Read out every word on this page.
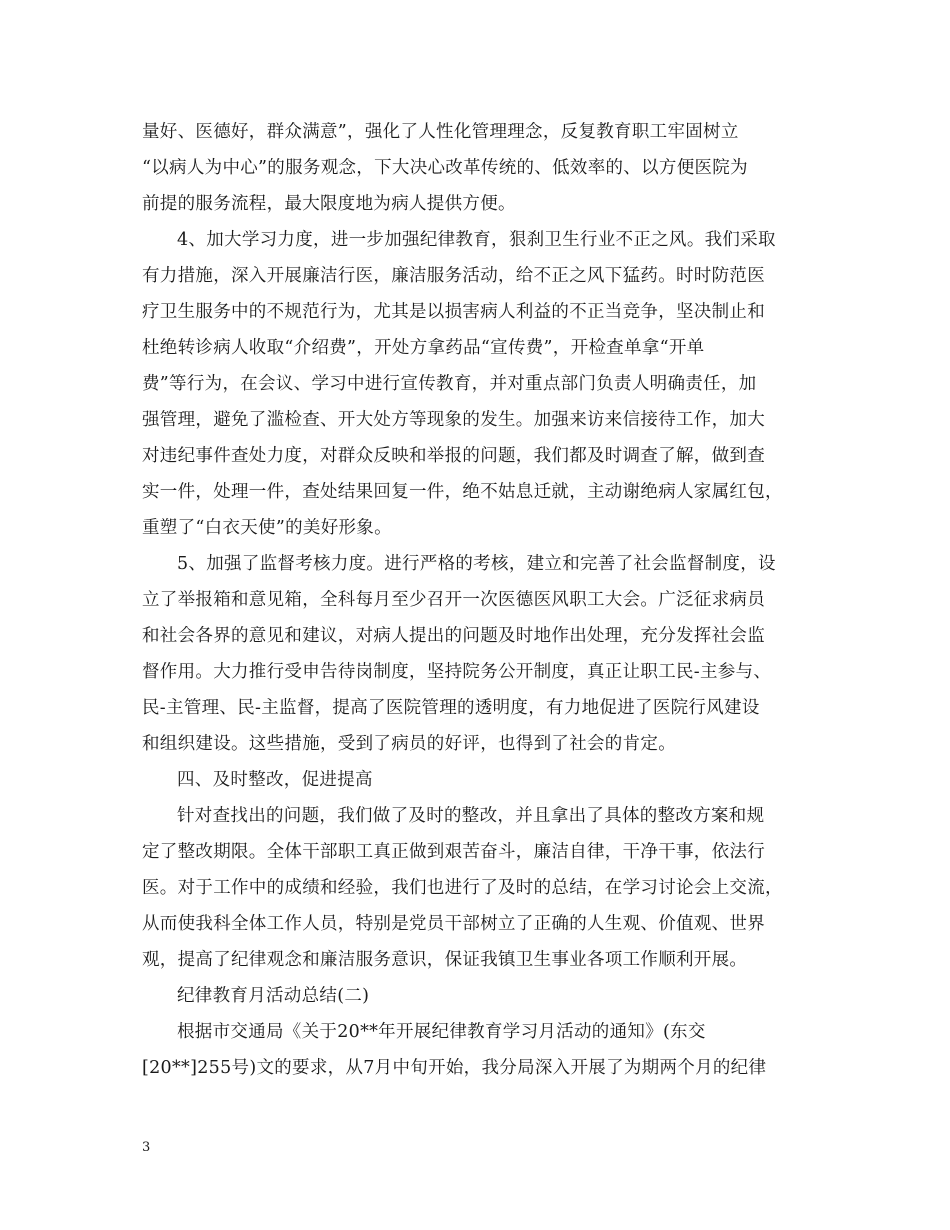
量好、医德好，群众满意”，强化了人性化管理理念，反复教育职工牢固树立
“以病人为中心”的服务观念，下大决心改革传统的、低效率的、以方便医院为
前提的服务流程，最大限度地为病人提供方便。
4、加大学习力度，进一步加强纪律教育，狠刹卫生行业不正之风。我们采取
有力措施，深入开展廉洁行医，廉洁服务活动，给不正之风下猛药。时时防范医
疗卫生服务中的不规范行为，尤其是以损害病人利益的不正当竞争，坚决制止和
杜绝转诊病人收取“介绍费”，开处方拿药品“宣传费”，开检查单拿“开单
费”等行为，在会议、学习中进行宣传教育，并对重点部门负责人明确责任，加
强管理，避免了滥检查、开大处方等现象的发生。加强来访来信接待工作，加大
对违纪事件查处力度，对群众反映和举报的问题，我们都及时调查了解，做到查
实一件，处理一件，查处结果回复一件，绝不姑息迁就，主动谢绝病人家属红包，
重塑了“白衣天使”的美好形象。
5、加强了监督考核力度。进行严格的考核，建立和完善了社会监督制度，设
立了举报箱和意见箱，全科每月至少召开一次医德医风职工大会。广泛征求病员
和社会各界的意见和建议，对病人提出的问题及时地作出处理，充分发挥社会监
督作用。大力推行受申告待岗制度，坚持院务公开制度，真正让职工民-主参与、
民-主管理、民-主监督，提高了医院管理的透明度，有力地促进了医院行风建设
和组织建设。这些措施，受到了病员的好评，也得到了社会的肯定。
四、及时整改，促进提高
针对查找出的问题，我们做了及时的整改，并且拿出了具体的整改方案和规
定了整改期限。全体干部职工真正做到艰苦奋斗，廉洁自律，干净干事，依法行
医。对于工作中的成绩和经验，我们也进行了及时的总结，在学习讨论会上交流，
从而使我科全体工作人员，特别是党员干部树立了正确的人生观、价值观、世界
观，提高了纪律观念和廉洁服务意识，保证我镇卫生事业各项工作顺利开展。
纪律教育月活动总结(二)
根据市交通局《关于20**年开展纪律教育学习月活动的通知》(东交
[20**]255号)文的要求，从7月中旬开始，我分局深入开展了为期两个月的纪律
3
